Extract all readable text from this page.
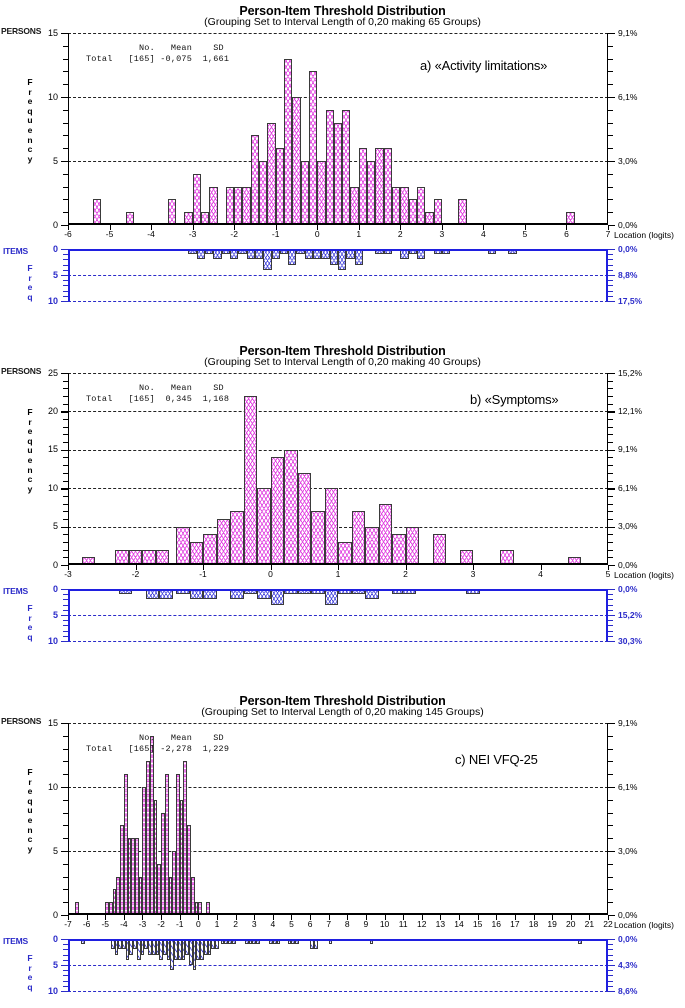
Person-Item Threshold Distribution
(Grouping Set to Interval Length of 0,20 making 65 Groups)
PERSONS
ITEMS
F
r
e
q
u
e
n
c
y
F
r
e
q
0
5
10
15
0,0%
3,0%
6,1%
9,1%
-6	-5	-4	-3	-2	-1	0	1	2	3	4	5	6	7 Location (logits)
No.   Mean    SD
Total   [165] -0,075  1,661	a) «Activity limitations»
0
5
10
0,0%
8,8%
17,5%
Person-Item Threshold Distribution
(Grouping Set to Interval Length of 0,20 making 40 Groups)
PERSONS
ITEMS
F
r
e
q
u
e
n
c
y
F
r
e
q
0
5
10
15
20
25
0,0%
3,0%
6,1%
9,1%
12,1%
15,2%
-3	-2	-1	0	1	2	3	4	5 Location (logits)
No.   Mean    SD
Total   [165]  0,345  1,168	b) «Symptoms»
0
5
10
0,0%
15,2%
30,3%
Person-Item Threshold Distribution
(Grouping Set to Interval Length of 0,20 making 145 Groups)
PERSONS
ITEMS
F
r
e
q
u
e
n
c
y
F
r
e
q
0
5
10
15
0,0%
3,0%
6,1%
9,1%
-7	-6	-5	-4	-3	-2	-1	0	1	2	3	4	5	6	7	8	9	10	11	12	13	14	15	16	17	18	19	20	21	22 Location (logits)
No.   Mean    SD
Total   [165] -2,278  1,229
c) NEI VFQ-25
0
5
10
0,0%
4,3%
8,6%
